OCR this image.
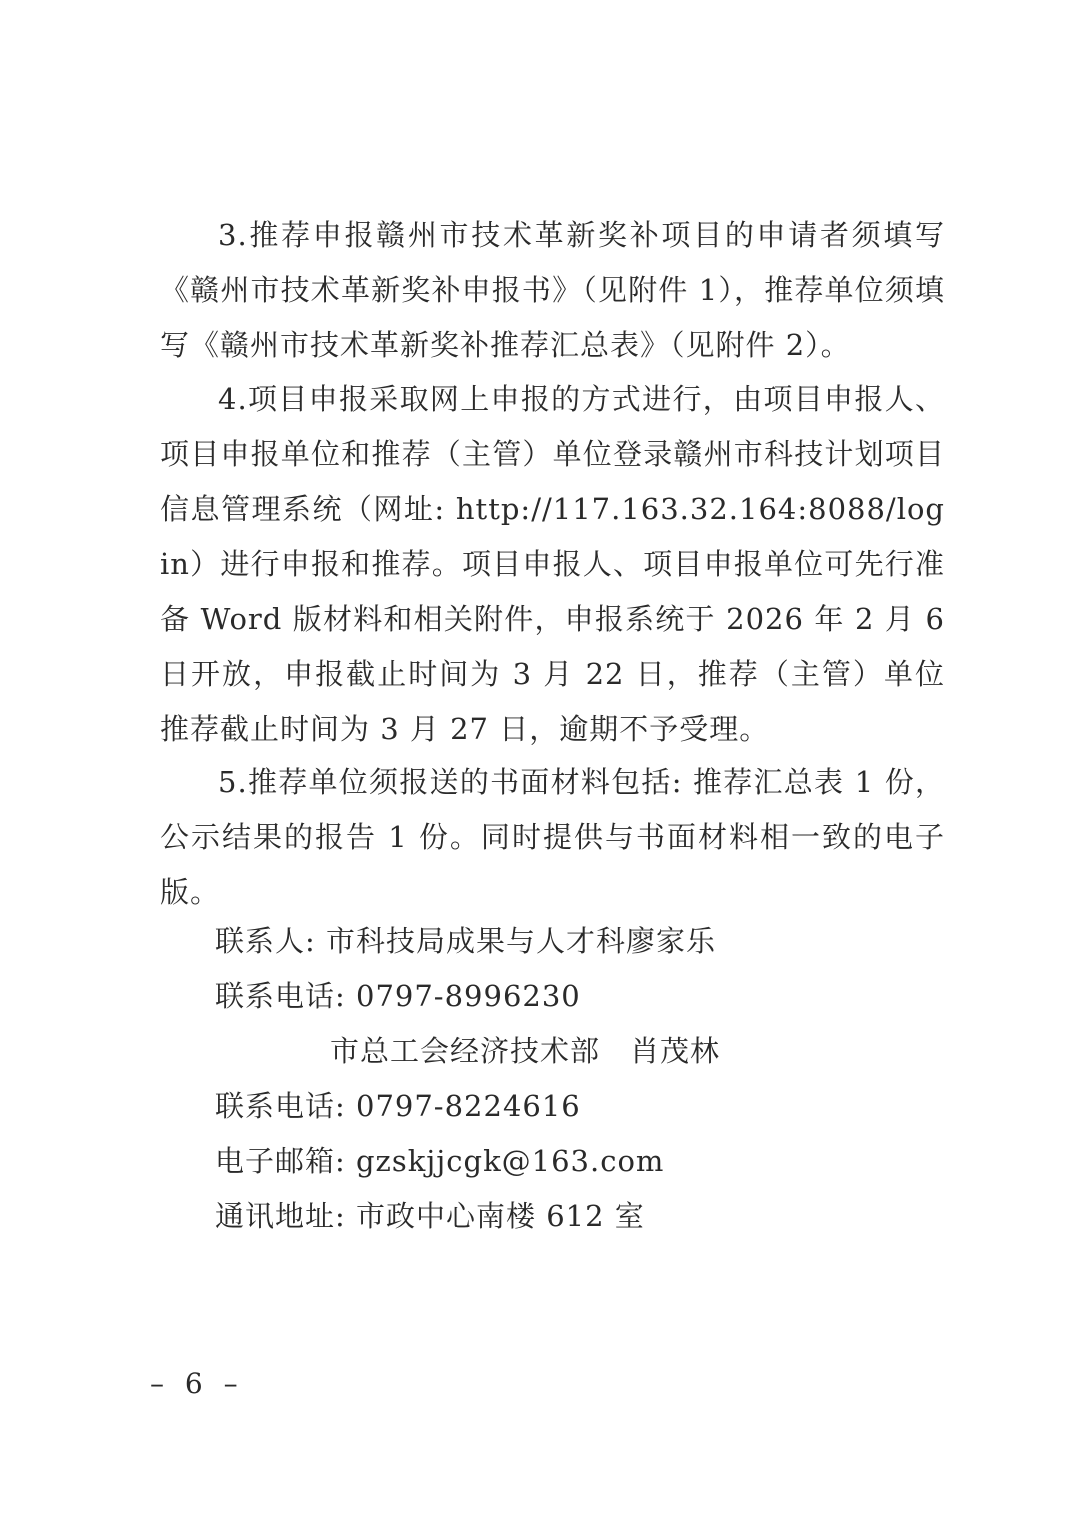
3.推荐申报赣州市技术革新奖补项目的申请者须填写《赣州市技术革新奖补申报书》（见附件 1），推荐单位须填写《赣州市技术革新奖补推荐汇总表》（见附件 2）。

4.项目申报采取网上申报的方式进行，由项目申报人、项目申报单位和推荐（主管）单位登录赣州市科技计划项目信息管理系统（网址: http://117.163.32.164:8088/login）进行申报和推荐。项目申报人、项目申报单位可先行准备 Word 版材料和相关附件，申报系统于 2026 年 2 月 6 日开放，申报截止时间为 3 月 22 日，推荐（主管）单位推荐截止时间为 3 月 27 日，逾期不予受理。

5.推荐单位须报送的书面材料包括: 推荐汇总表 1 份，公示结果的报告 1 份。同时提供与书面材料相一致的电子版。

联系人: 市科技局成果与人才科廖家乐

联系电话: 0797-8996230

市总工会经济技术部　肖茂林

联系电话: 0797-8224616

电子邮箱: gzskjjcgk@163.com

通讯地址: 市政中心南楼 612 室

– 6 –
